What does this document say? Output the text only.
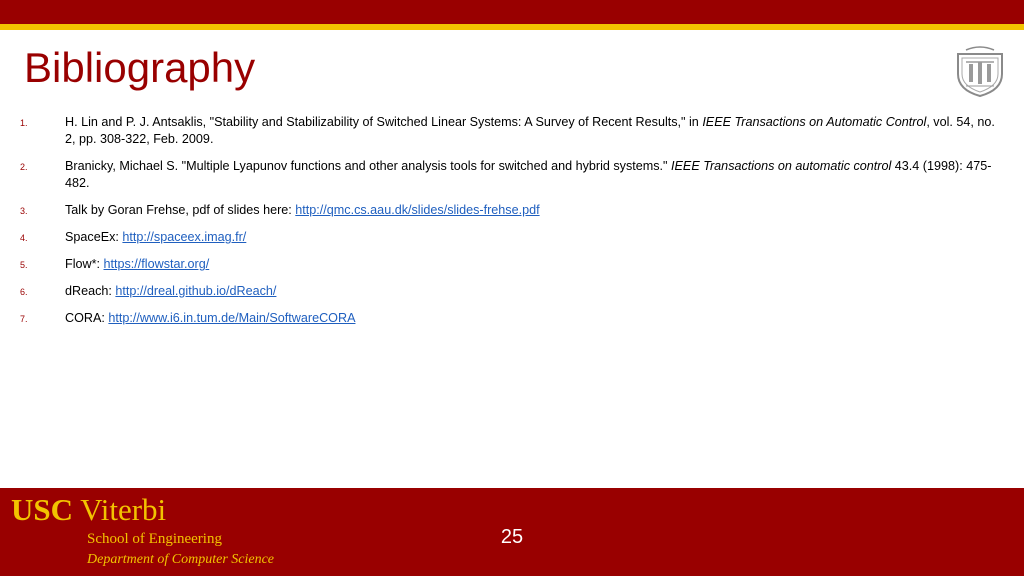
Bibliography
1.	H. Lin and P. J. Antsaklis, "Stability and Stabilizability of Switched Linear Systems: A Survey of Recent Results," in IEEE Transactions on Automatic Control, vol. 54, no. 2, pp. 308-322, Feb. 2009.
2.	Branicky, Michael S. "Multiple Lyapunov functions and other analysis tools for switched and hybrid systems." IEEE Transactions on automatic control 43.4 (1998): 475-482.
3.	Talk by Goran Frehse, pdf of slides here: http://qmc.cs.aau.dk/slides/slides-frehse.pdf
4.	SpaceEx: http://spaceex.imag.fr/
5.	Flow*: https://flowstar.org/
6.	dReach: http://dreal.github.io/dReach/
7.	CORA: http://www.i6.in.tum.de/Main/SoftwareCORA
USC Viterbi
School of Engineering
Department of Computer Science
25
